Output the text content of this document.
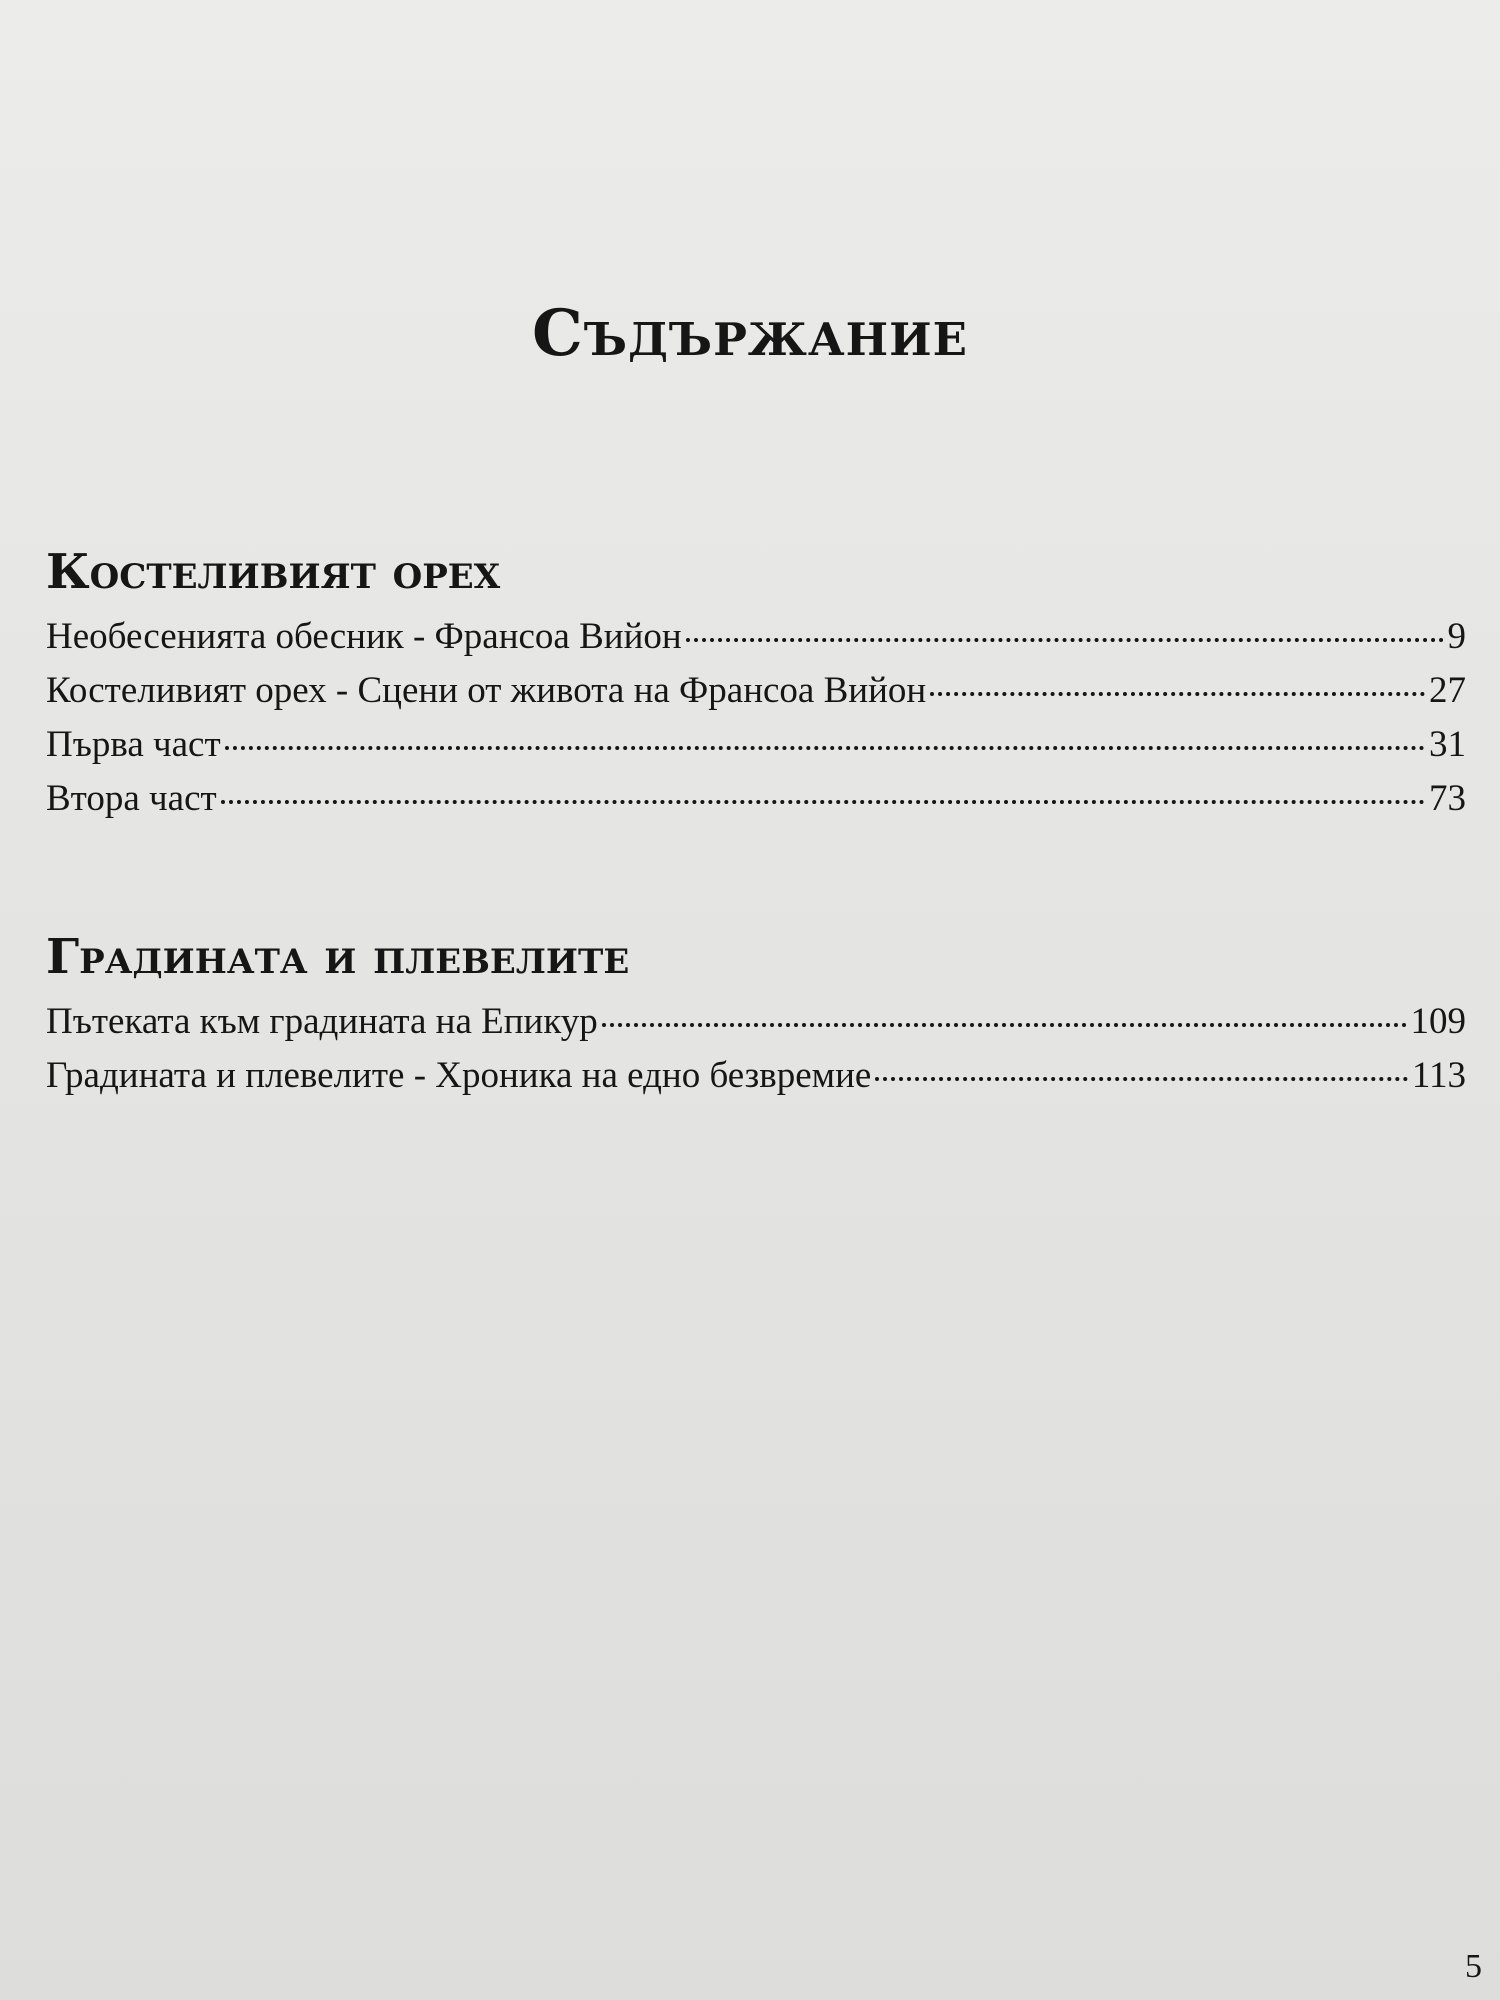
Съдържание
Костеливият орех
Необесенията обесник - Франсоа Вийон	9
Костеливият орех - Сцени от живота на Франсоа Вийон	27
Първа част	31
Втора част	73
Градината и плевелите
Пътеката към градината на Епикур	109
Градината и плевелите - Хроника на едно безвремие	113
5
